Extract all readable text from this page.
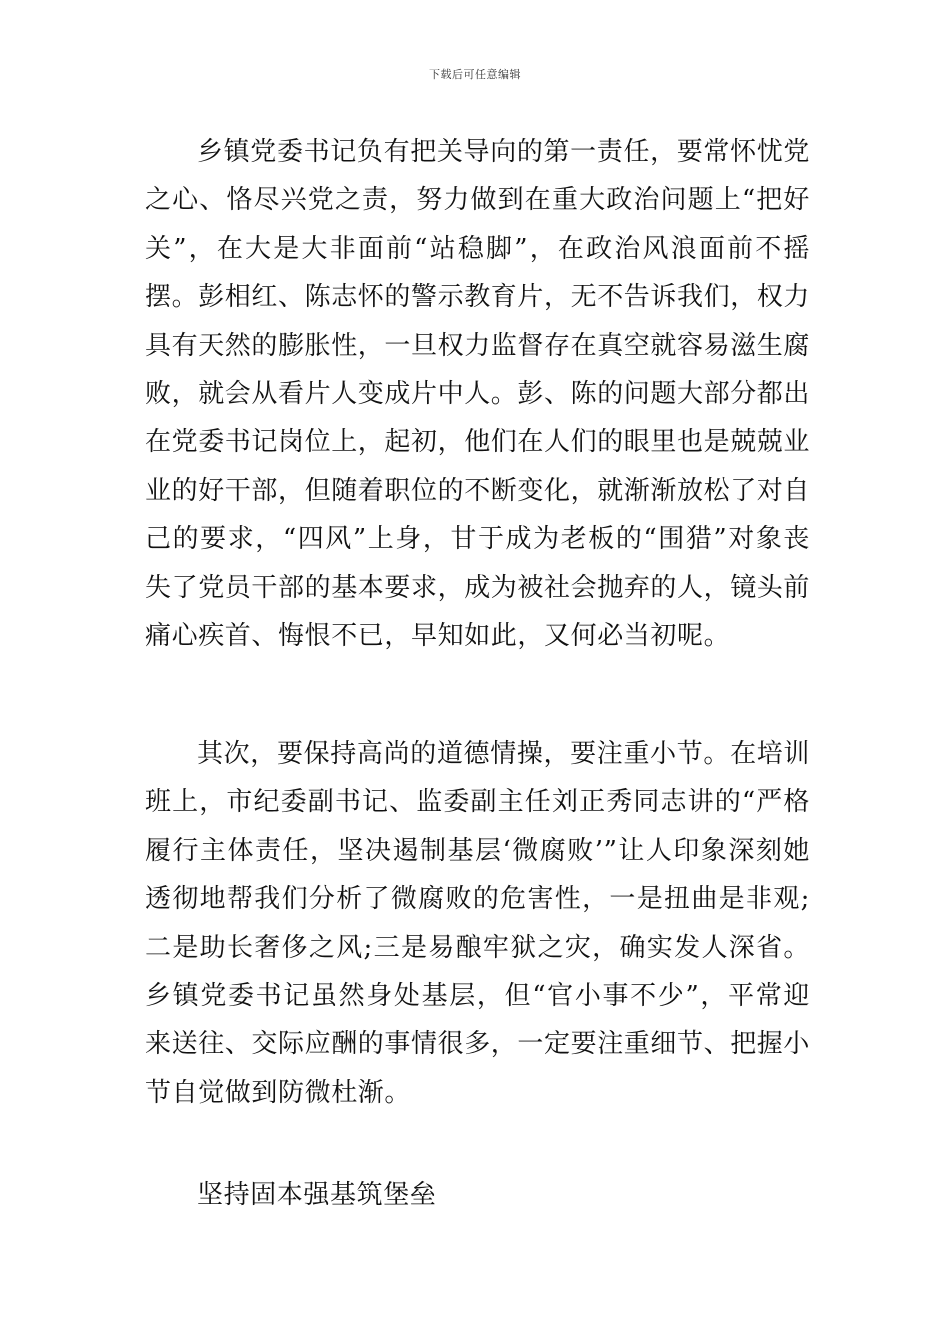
下载后可任意编辑

乡镇党委书记负有把关导向的第一责任，要常怀忧党之心、恪尽兴党之责，努力做到在重大政治问题上“把好关”，在大是大非面前“站稳脚”，在政治风浪面前不摇摆。彭相红、陈志怀的警示教育片，无不告诉我们，权力具有天然的膨胀性，一旦权力监督存在真空就容易滋生腐败，就会从看片人变成片中人。彭、陈的问题大部分都出在党委书记岗位上，起初，他们在人们的眼里也是兢兢业业的好干部，但随着职位的不断变化，就渐渐放松了对自己的要求，“四风”上身，甘于成为老板的“围猎”对象丧失了党员干部的基本要求，成为被社会抛弃的人，镜头前痛心疾首、悔恨不已，早知如此，又何必当初呢。

其次，要保持高尚的道德情操，要注重小节。在培训班上，市纪委副书记、监委副主任刘正秀同志讲的“严格履行主体责任，坚决遏制基层‘微腐败’”让人印象深刻她透彻地帮我们分析了微腐败的危害性，一是扭曲是非观;二是助长奢侈之风;三是易酿牢狱之灾，确实发人深省。乡镇党委书记虽然身处基层，但“官小事不少”，平常迎来送往、交际应酬的事情很多，一定要注重细节、把握小节自觉做到防微杜渐。

坚持固本强基筑堡垒
